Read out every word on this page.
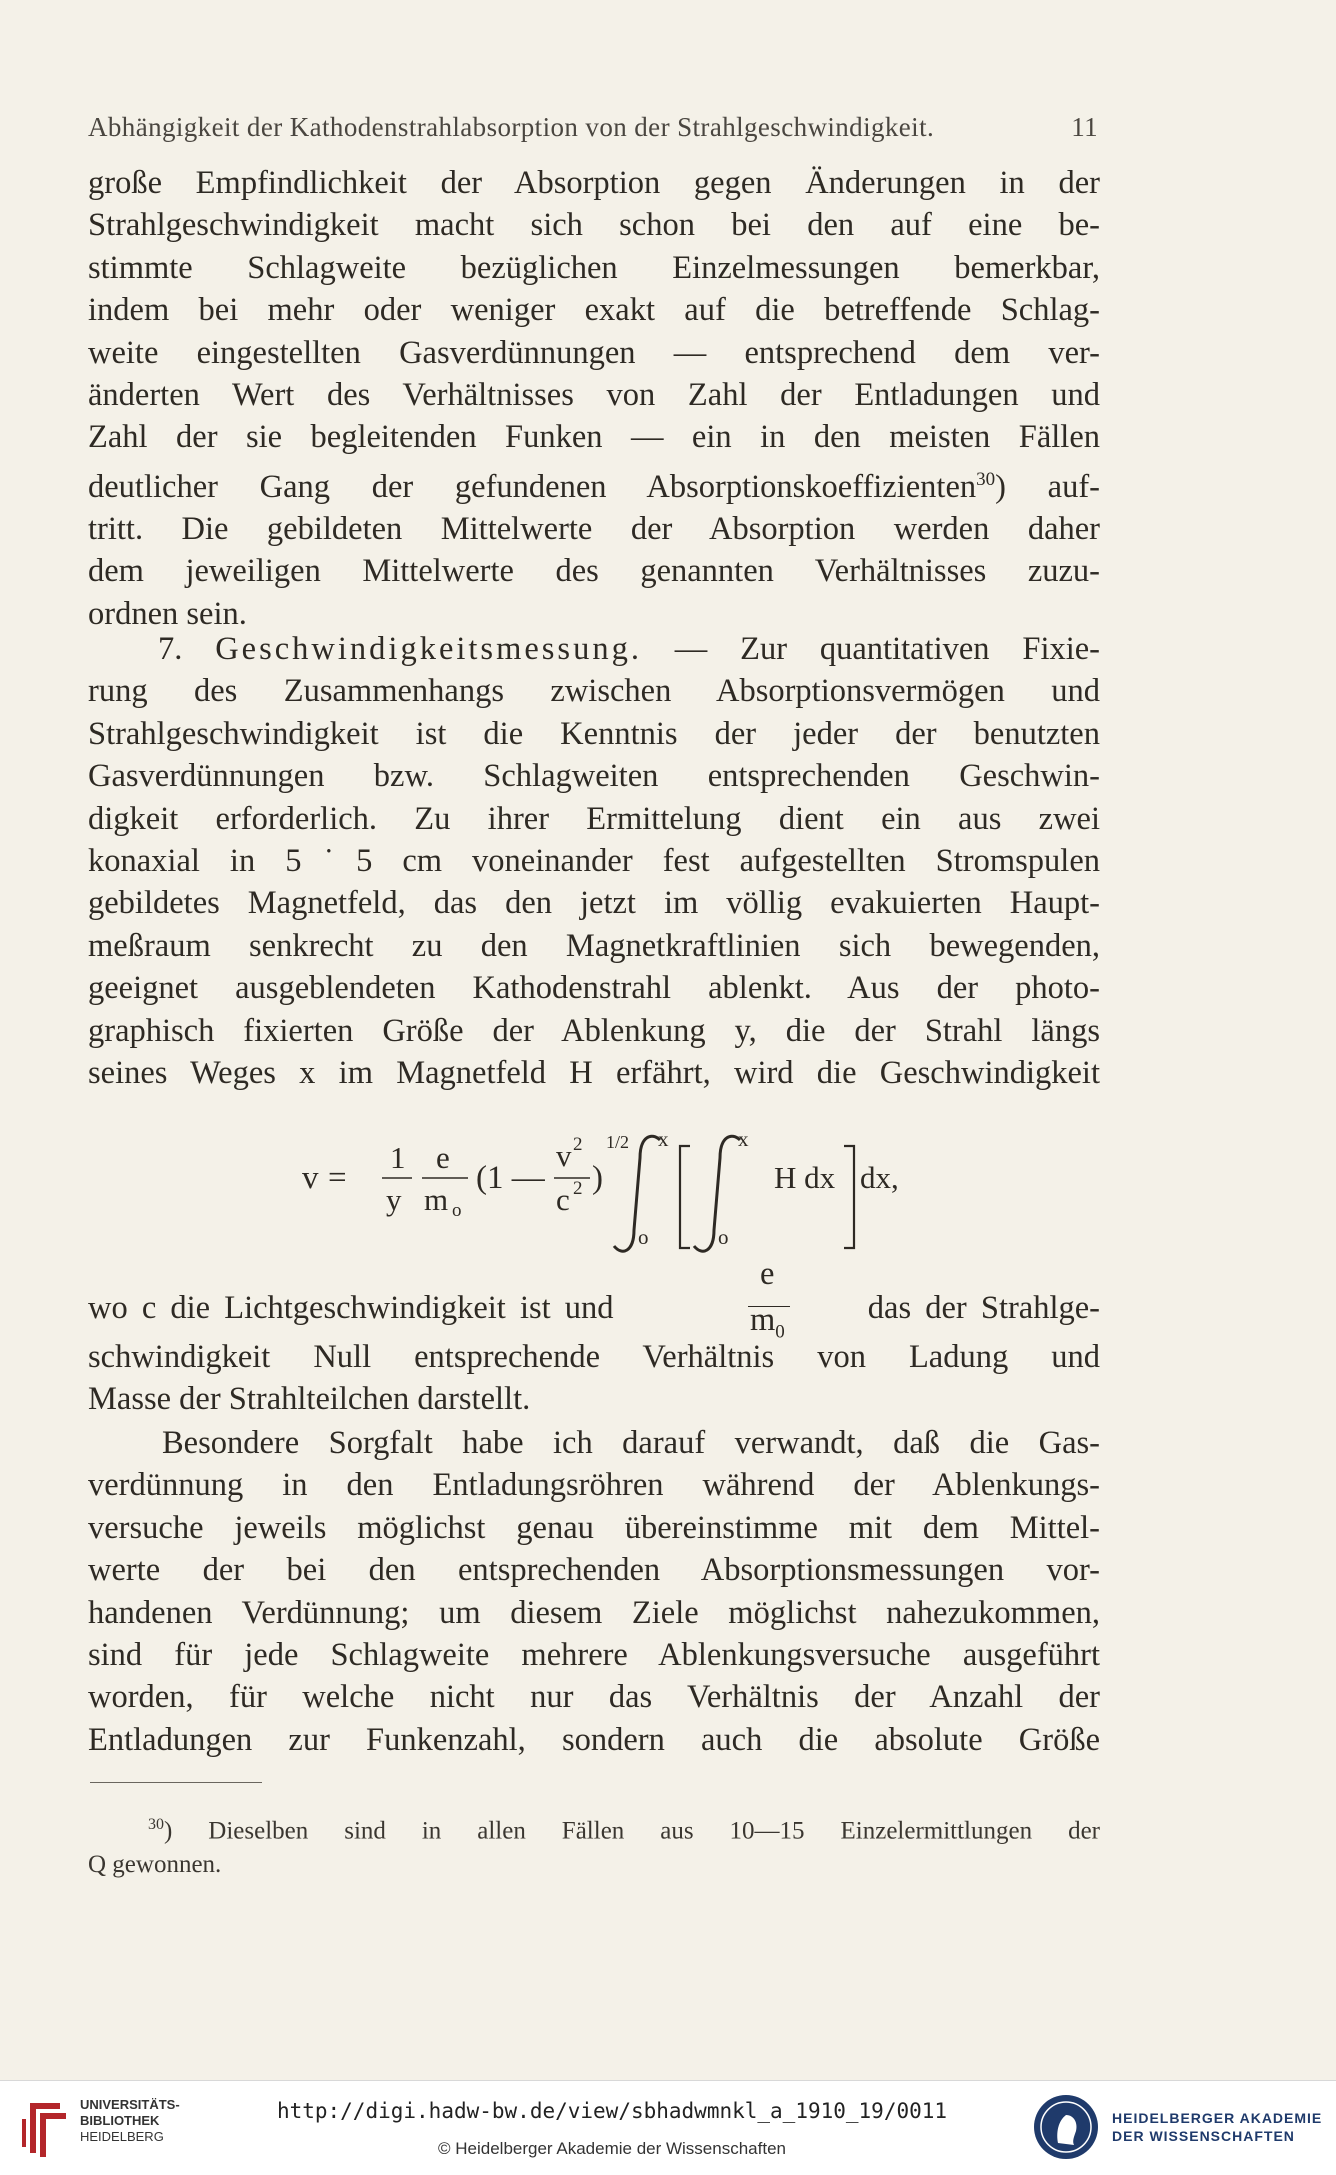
Abhängigkeit der Kathodenstrahlabsorption von der Strahlgeschwindigkeit.	11
große Empfindlichkeit der Absorption gegen Änderungen in der
Strahlgeschwindigkeit macht sich schon bei den auf eine be-
stimmte Schlagweite bezüglichen Einzelmessungen bemerkbar,
indem bei mehr oder weniger exakt auf die betreffende Schlag-
weite eingestellten Gasverdünnungen — entsprechend dem ver-
änderten Wert des Verhältnisses von Zahl der Entladungen und
Zahl der sie begleitenden Funken — ein in den meisten Fällen
deutlicher Gang der gefundenen Absorptionskoeffizienten$^{30}$) auf-
tritt. Die gebildeten Mittelwerte der Absorption werden daher
dem jeweiligen Mittelwerte des genannten Verhältnisses zuzu-
ordnen sein.
7. Geschwindigkeitsmessung. — Zur quantitativen Fixie-
rung des Zusammenhangs zwischen Absorptionsvermögen und
Strahlgeschwindigkeit ist die Kenntnis der jeder der benutzten
Gasverdünnungen bzw. Schlagweiten entsprechenden Geschwin-
digkeit erforderlich. Zu ihrer Ermittelung dient ein aus zwei
konaxial in 5˙5 cm voneinander fest aufgestellten Stromspulen
gebildetes Magnetfeld, das den jetzt im völlig evakuierten Haupt-
meßraum senkrecht zu den Magnetkraftlinien sich bewegenden,
geeignet ausgeblendeten Kathodenstrahl ablenkt. Aus der photo-
graphisch fixierten Größe der Ablenkung y, die der Strahl längs
seines Weges x im Magnetfeld H erfährt, wird die Geschwindigkeit
v =
1
y
e
m o
(1 —
v 2
c 2 )
1/2 x
o
x
o
H dx dx,
wo c die Lichtgeschwindigkeit ist und
e
$m_0$
das der Strahlge-
schwindigkeit Null entsprechende Verhältnis von Ladung und
Masse der Strahlteilchen darstellt.
Besondere Sorgfalt habe ich darauf verwandt, daß die Gas-
verdünnung in den Entladungsröhren während der Ablenkungs-
versuche jeweils möglichst genau übereinstimme mit dem Mittel-
werte der bei den entsprechenden Absorptionsmessungen vor-
handenen Verdünnung; um diesem Ziele möglichst nahezukommen,
sind für jede Schlagweite mehrere Ablenkungsversuche ausgeführt
worden, für welche nicht nur das Verhältnis der Anzahl der
Entladungen zur Funkenzahl, sondern auch die absolute Größe
$^{30}$) Dieselben sind in allen Fällen aus 10—15 Einzelermittlungen der
Q gewonnen.
UNIVERSITÄTS-
BIBLIOTHEK
HEIDELBERG
http://digi.hadw-bw.de/view/sbhadwmnkl_a_1910_19/0011
© Heidelberger Akademie der Wissenschaften
HEIDELBERGER AKADEMIE
DER WISSENSCHAFTEN
